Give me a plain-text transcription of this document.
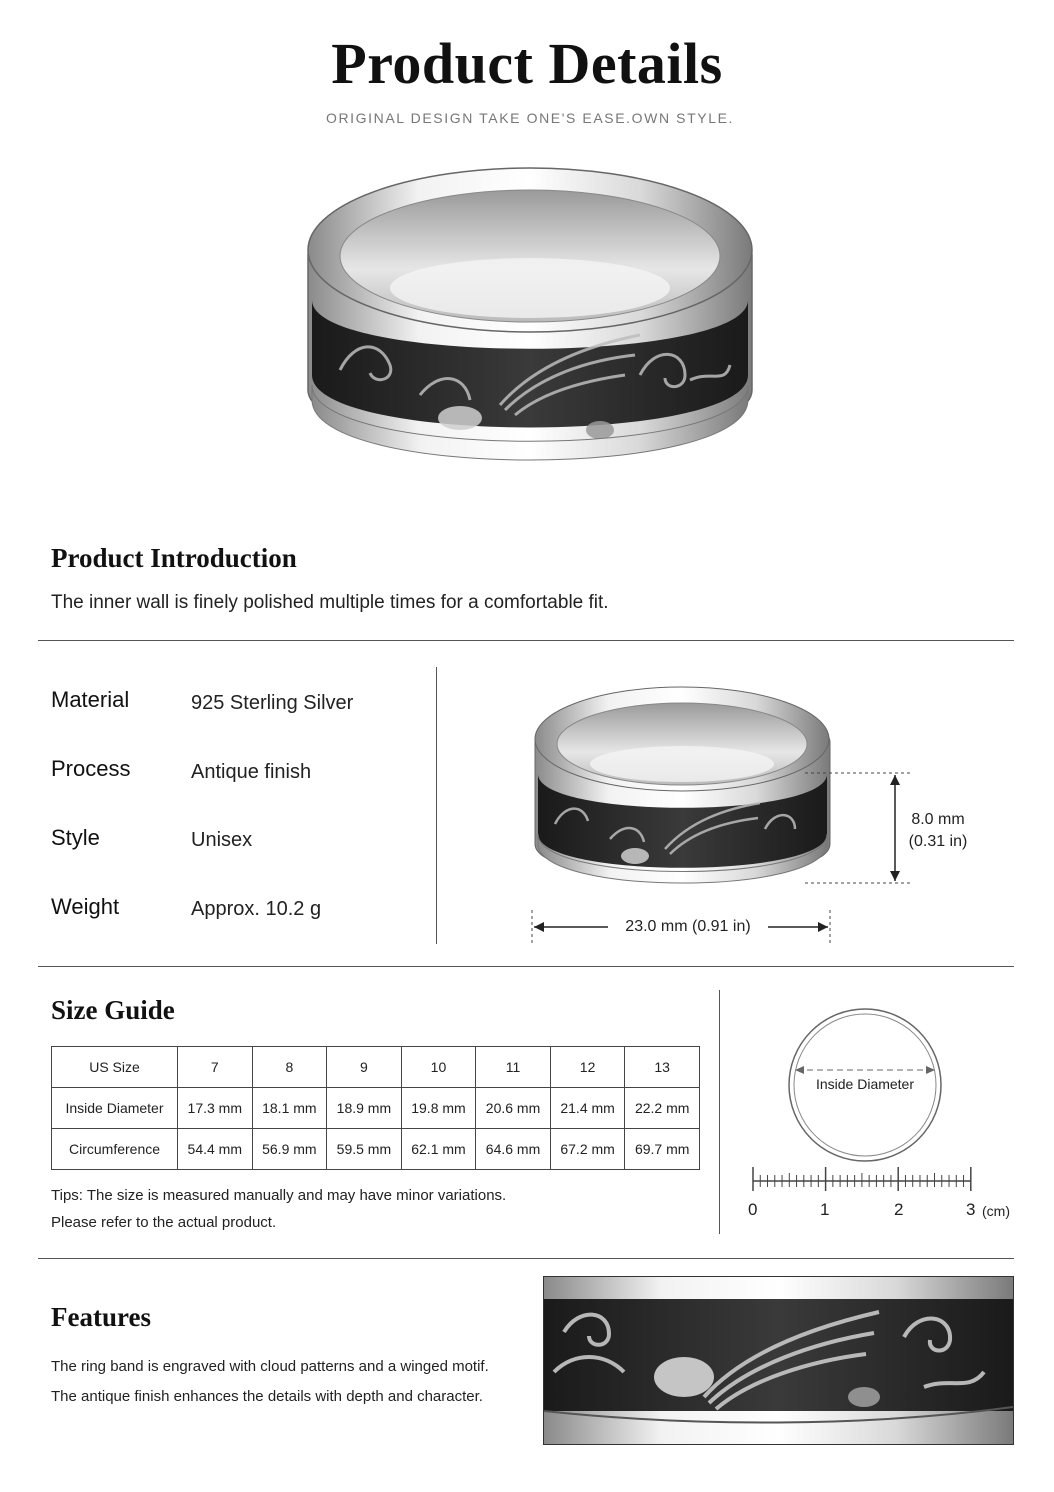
Product Details
ORIGINAL DESIGN TAKE ONE'S EASE.OWN STYLE.
Product Introduction
The inner wall is finely polished multiple times for a comfortable fit.
Material	925 Sterling Silver
Process	Antique finish
Style	Unisex
Weight	Approx. 10.2 g
8.0 mm
(0.31 in)
23.0 mm (0.91 in)
Size Guide
US Size	7	8	9	10	11	12	13
Inside Diameter	17.3 mm	18.1 mm	18.9 mm	19.8 mm	20.6 mm	21.4 mm	22.2 mm
Circumference	54.4 mm	56.9 mm	59.5 mm	62.1 mm	64.6 mm	67.2 mm	69.7 mm
Tips: The size is measured manually and may have minor variations.
Please refer to the actual product.
Inside Diameter
0	1	2	3 (cm)
Features
The ring band is engraved with cloud patterns and a winged motif.
The antique finish enhances the details with depth and character.
